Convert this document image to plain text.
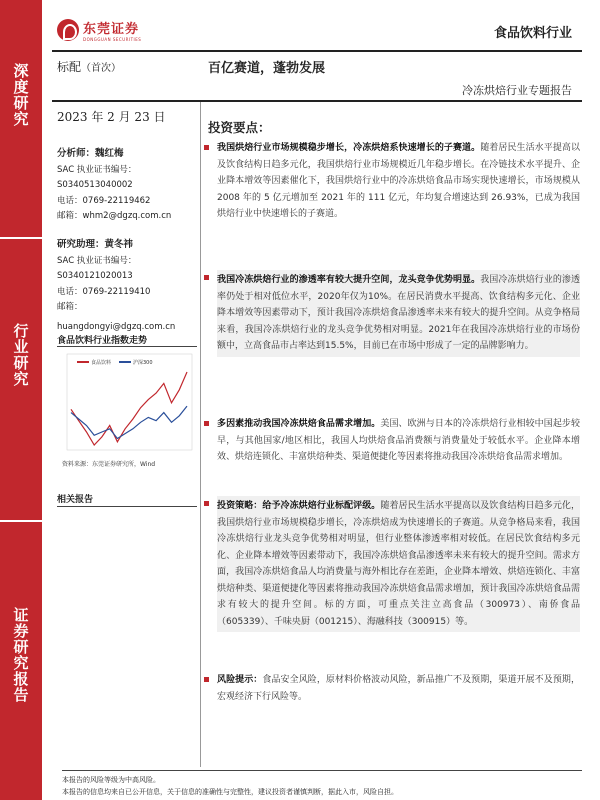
深度研究
行业研究
证券研究报告
东莞证券
DONGGUAN SECURITIES	食品饮料行业
标配（首次）	百亿赛道，蓬勃发展
冷冻烘焙行业专题报告
2023 年 2 月 23 日
分析师：魏红梅
SAC 执业证书编号：
S0340513040002
电话：0769-22119462
邮箱：whm2@dgzq.com.cn
研究助理：黄冬祎
SAC 执业证书编号：
S0340121020013
电话：0769-22119410
邮箱：
huangdongyi@dgzq.com.cn
食品饮料行业指数走势
食品饮料	沪深300
资料来源：东莞证券研究所，Wind
相关报告
投资要点：

我国烘焙行业市场规模稳步增长，冷冻烘焙系快速增长的子赛道。随着居民生活水平提高以及饮食结构日趋多元化，我国烘焙行业市场规模近几年稳步增长。在冷链技术水平提升、企业降本增效等因素催化下，我国烘焙行业中的冷冻烘焙食品市场实现快速增长，市场规模从 2008 年的 5 亿元增加至 2021 年的 111 亿元，年均复合增速达到 26.93%，已成为我国烘焙行业中快速增长的子赛道。

我国冷冻烘焙行业的渗透率有较大提升空间，龙头竞争优势明显。我国冷冻烘焙行业的渗透率仍处于相对低位水平，2020年仅为10%。在居民消费水平提高、饮食结构多元化、企业降本增效等因素带动下，预计我国冷冻烘焙食品渗透率未来有较大的提升空间。从竞争格局来看，我国冷冻烘焙行业的龙头竞争优势相对明显。2021年在我国冷冻烘焙行业的市场份额中，立高食品市占率达到15.5%，目前已在市场中形成了一定的品牌影响力。

多因素推动我国冷冻烘焙食品需求增加。美国、欧洲与日本的冷冻烘焙行业相较中国起步较早，与其他国家/地区相比，我国人均烘焙食品消费额与消费量处于较低水平。企业降本增效、烘焙连锁化、丰富烘焙种类、渠道便捷化等因素将推动我国冷冻烘焙食品需求增加。

投资策略：给予冷冻烘焙行业标配评级。随着居民生活水平提高以及饮食结构日趋多元化，我国烘焙行业市场规模稳步增长，冷冻烘焙成为快速增长的子赛道。从竞争格局来看，我国冷冻烘焙行业龙头竞争优势相对明显，但行业整体渗透率相对较低。在居民饮食结构多元化、企业降本增效等因素带动下，我国冷冻烘焙食品渗透率未来有较大的提升空间。需求方面，我国冷冻烘焙食品人均消费量与海外相比存在差距，企业降本增效、烘焙连锁化、丰富烘焙种类、渠道便捷化等因素将推动我国冷冻烘焙食品需求增加，预计我国冷冻烘焙食品需求有较大的提升空间。标的方面，可重点关注立高食品（300973）、南侨食品（605339）、千味央厨（001215）、海融科技（300915）等。

风险提示：食品安全风险，原材料价格波动风险，新品推广不及预期，渠道开展不及预期，宏观经济下行风险等。

本报告的风险等级为中高风险。
本报告的信息均来自已公开信息，关于信息的准确性与完整性，建议投资者谨慎判断，据此入市，风险自担。
